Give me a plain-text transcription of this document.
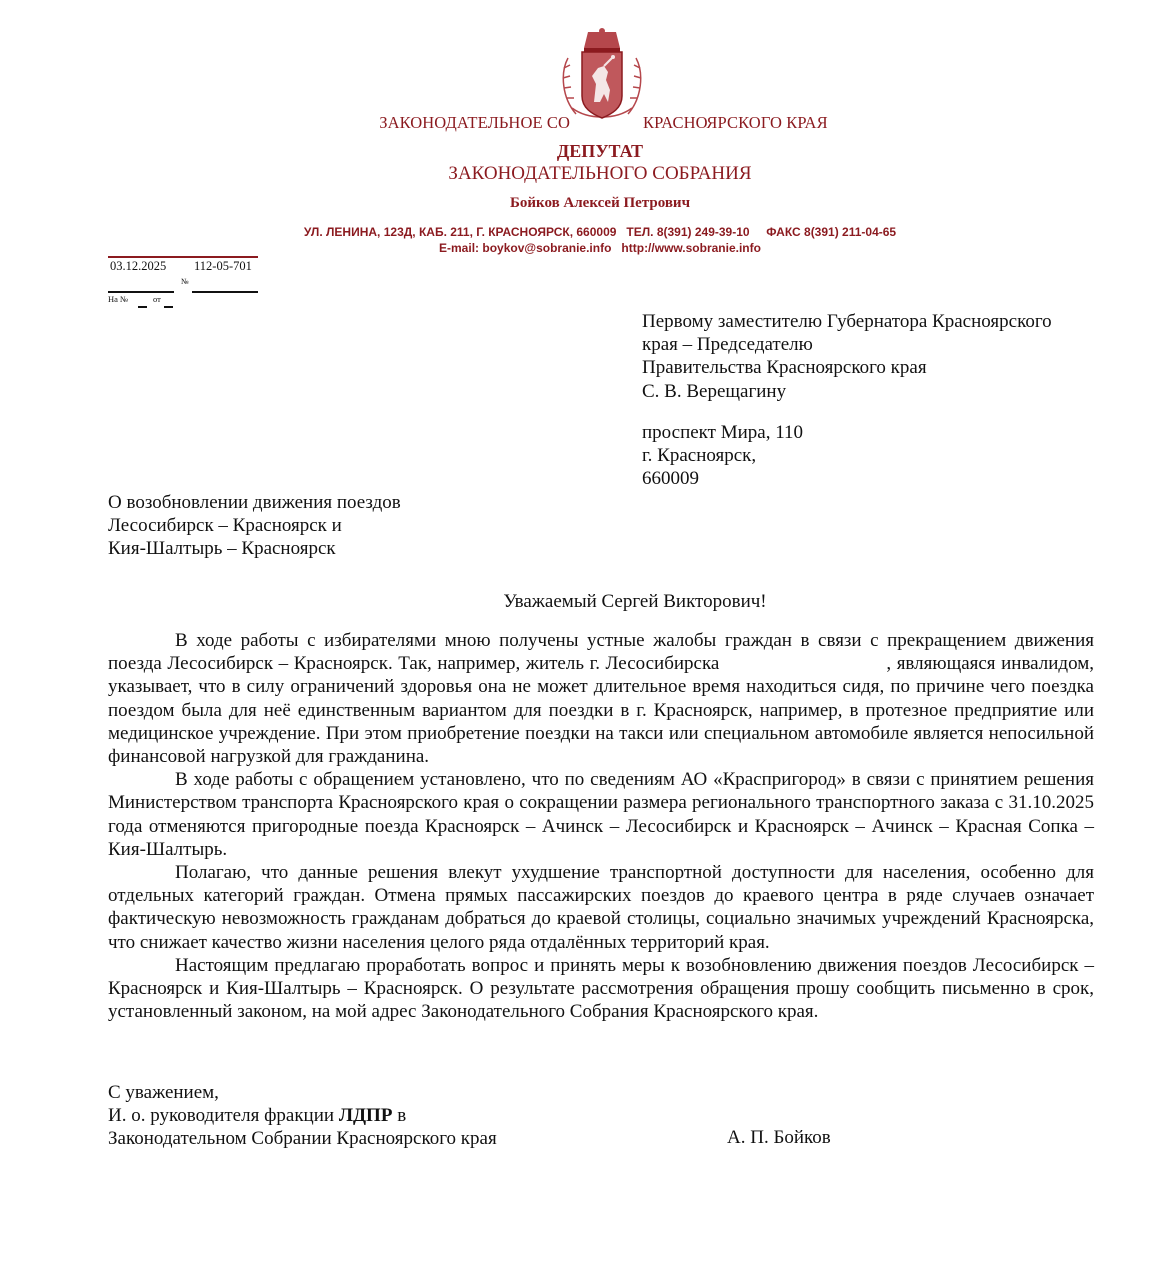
ЗАКОНОДАТЕЛЬНОЕ СО	КРАСНОЯРСКОГО КРАЯ
ДЕПУТАТ
ЗАКОНОДАТЕЛЬНОГО СОБРАНИЯ
Бойков Алексей Петрович
УЛ. ЛЕНИНА, 123Д, КАБ. 211, Г. КРАСНОЯРСК, 660009   ТЕЛ. 8(391) 249-39-10     ФАКС 8(391) 211-04-65
E-mail: boykov@sobranie.info   http://www.sobranie.info
03.12.2025 112-05-701
№
На №	от
Первому заместителю Губернатора Красноярского
края – Председателю
Правительства Красноярского края
С. В. Верещагину
проспект Мира, 110
г. Красноярск,
660009
О возобновлении движения поездов
Лесосибирск – Красноярск и
Кия-Шалтырь – Красноярск
Уважаемый Сергей Викторович!

В ходе работы с избирателями мною получены устные жалобы граждан в связи с прекращением движения поезда Лесосибирск – Красноярск. Так, например, житель г. Лесосибирска                              , являющаяся инвалидом, указывает, что в силу ограничений здоровья она не может длительное время находиться сидя, по причине чего поездка поездом была для неё единственным вариантом для поездки в г. Красноярск, например, в протезное предприятие или медицинское учреждение. При этом приобретение поездки на такси или специальном автомобиле является непосильной финансовой нагрузкой для гражданина.

В ходе работы с обращением установлено, что по сведениям АО «Краспригород» в связи с принятием решения Министерством транспорта Красноярского края о сокращении размера регионального транспортного заказа с 31.10.2025 года отменяются пригородные поезда Красноярск – Ачинск – Лесосибирск и Красноярск – Ачинск – Красная Сопка – Кия-Шалтырь.

Полагаю, что данные решения влекут ухудшение транспортной доступности для населения, особенно для отдельных категорий граждан. Отмена прямых пассажирских поездов до краевого центра в ряде случаев означает фактическую невозможность гражданам добраться до краевой столицы, социально значимых учреждений Красноярска, что снижает качество жизни населения целого ряда отдалённых территорий края.

Настоящим предлагаю проработать вопрос и принять меры к возобновлению движения поездов Лесосибирск – Красноярск и Кия-Шалтырь – Красноярск. О результате рассмотрения обращения прошу сообщить письменно в срок, установленный законом, на мой адрес Законодательного Собрания Красноярского края.

С уважением,
И. о. руководителя фракции ЛДПР в
Законодательном Собрании Красноярского края	А. П. Бойков
